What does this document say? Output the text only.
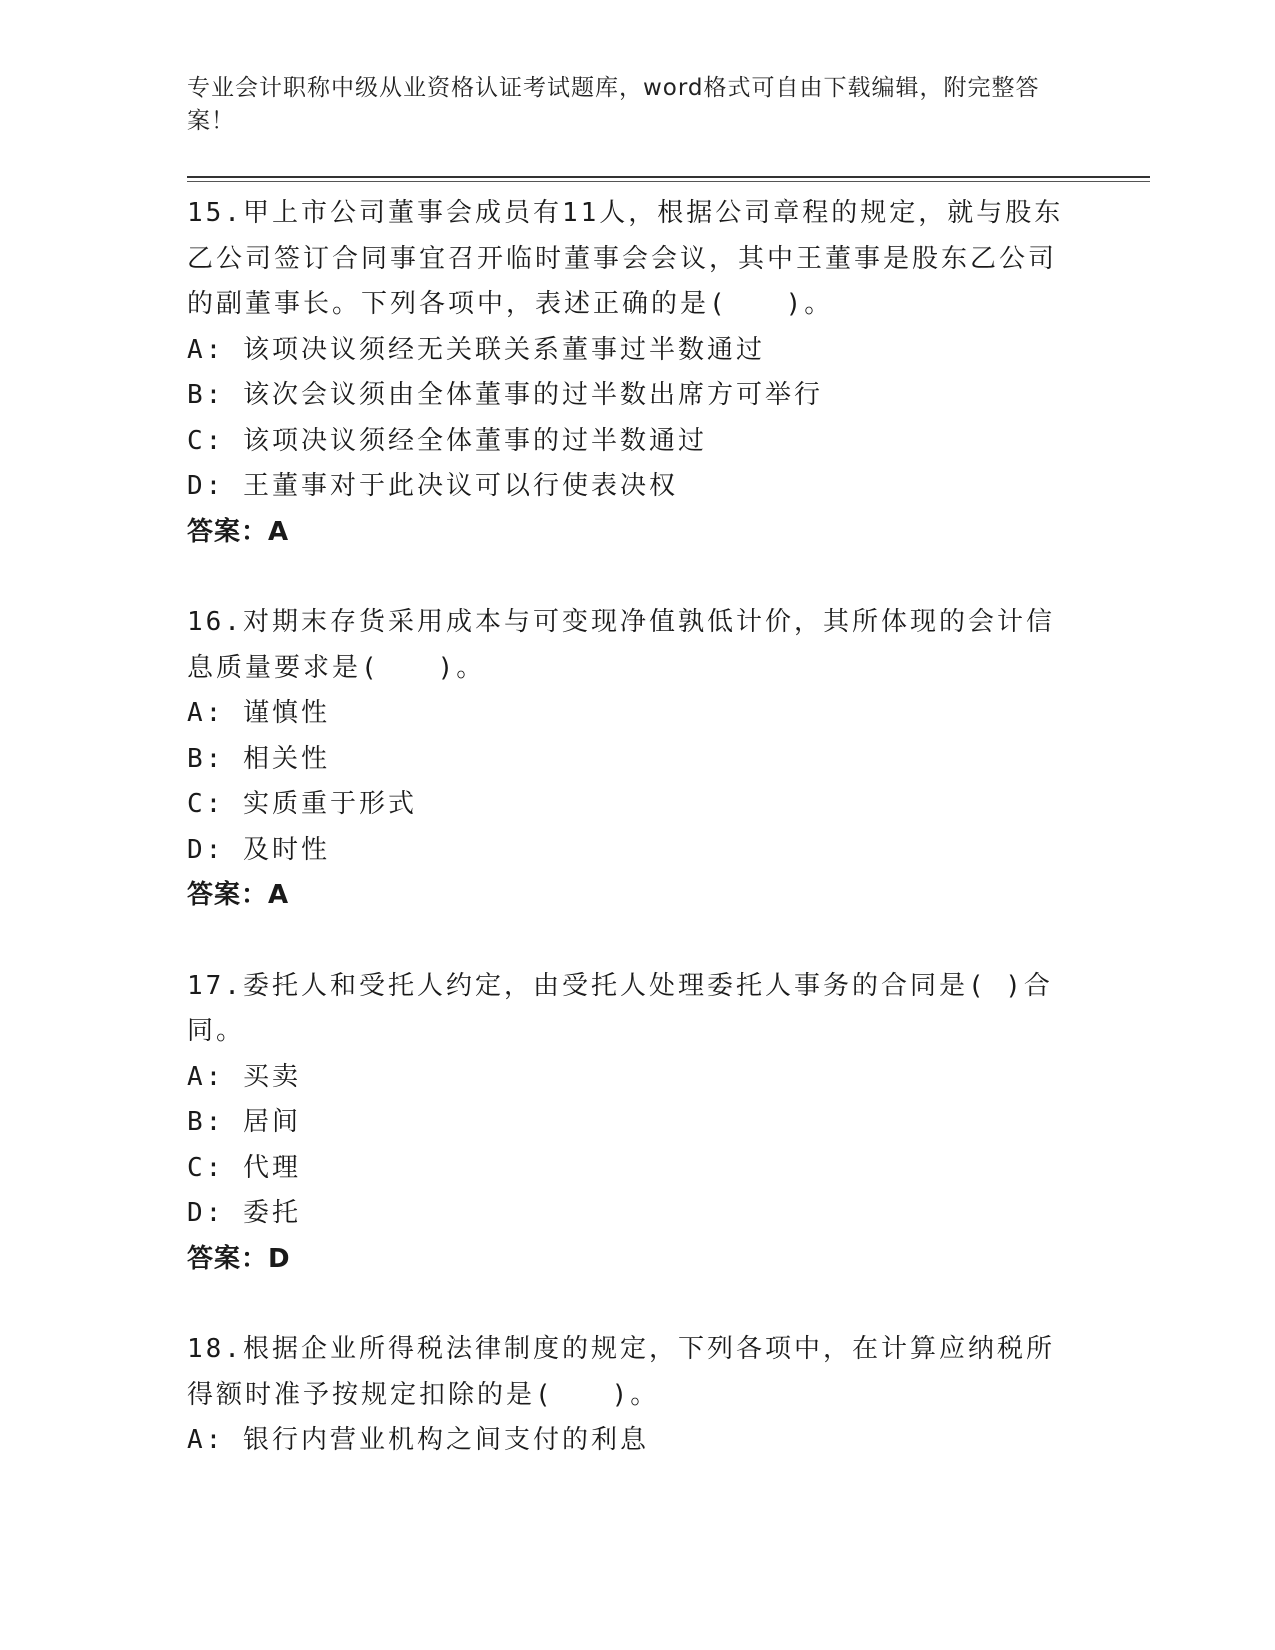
专业会计职称中级从业资格认证考试题库，word格式可自由下载编辑，附完整答案！
15.甲上市公司董事会成员有11人，根据公司章程的规定，就与股东乙公司签订合同事宜召开临时董事会会议，其中王董事是股东乙公司的副董事长。下列各项中，表述正确的是(　　)。
A: 该项决议须经无关联关系董事过半数通过
B: 该次会议须由全体董事的过半数出席方可举行
C: 该项决议须经全体董事的过半数通过
D: 王董事对于此决议可以行使表决权
答案：A
16.对期末存货采用成本与可变现净值孰低计价，其所体现的会计信息质量要求是(　　)。
A: 谨慎性
B: 相关性
C: 实质重于形式
D: 及时性
答案：A
17.委托人和受托人约定，由受托人处理委托人事务的合同是( )合同。
A: 买卖
B: 居间
C: 代理
D: 委托
答案：D
18.根据企业所得税法律制度的规定，下列各项中，在计算应纳税所得额时准予按规定扣除的是(　　)。
A: 银行内营业机构之间支付的利息
